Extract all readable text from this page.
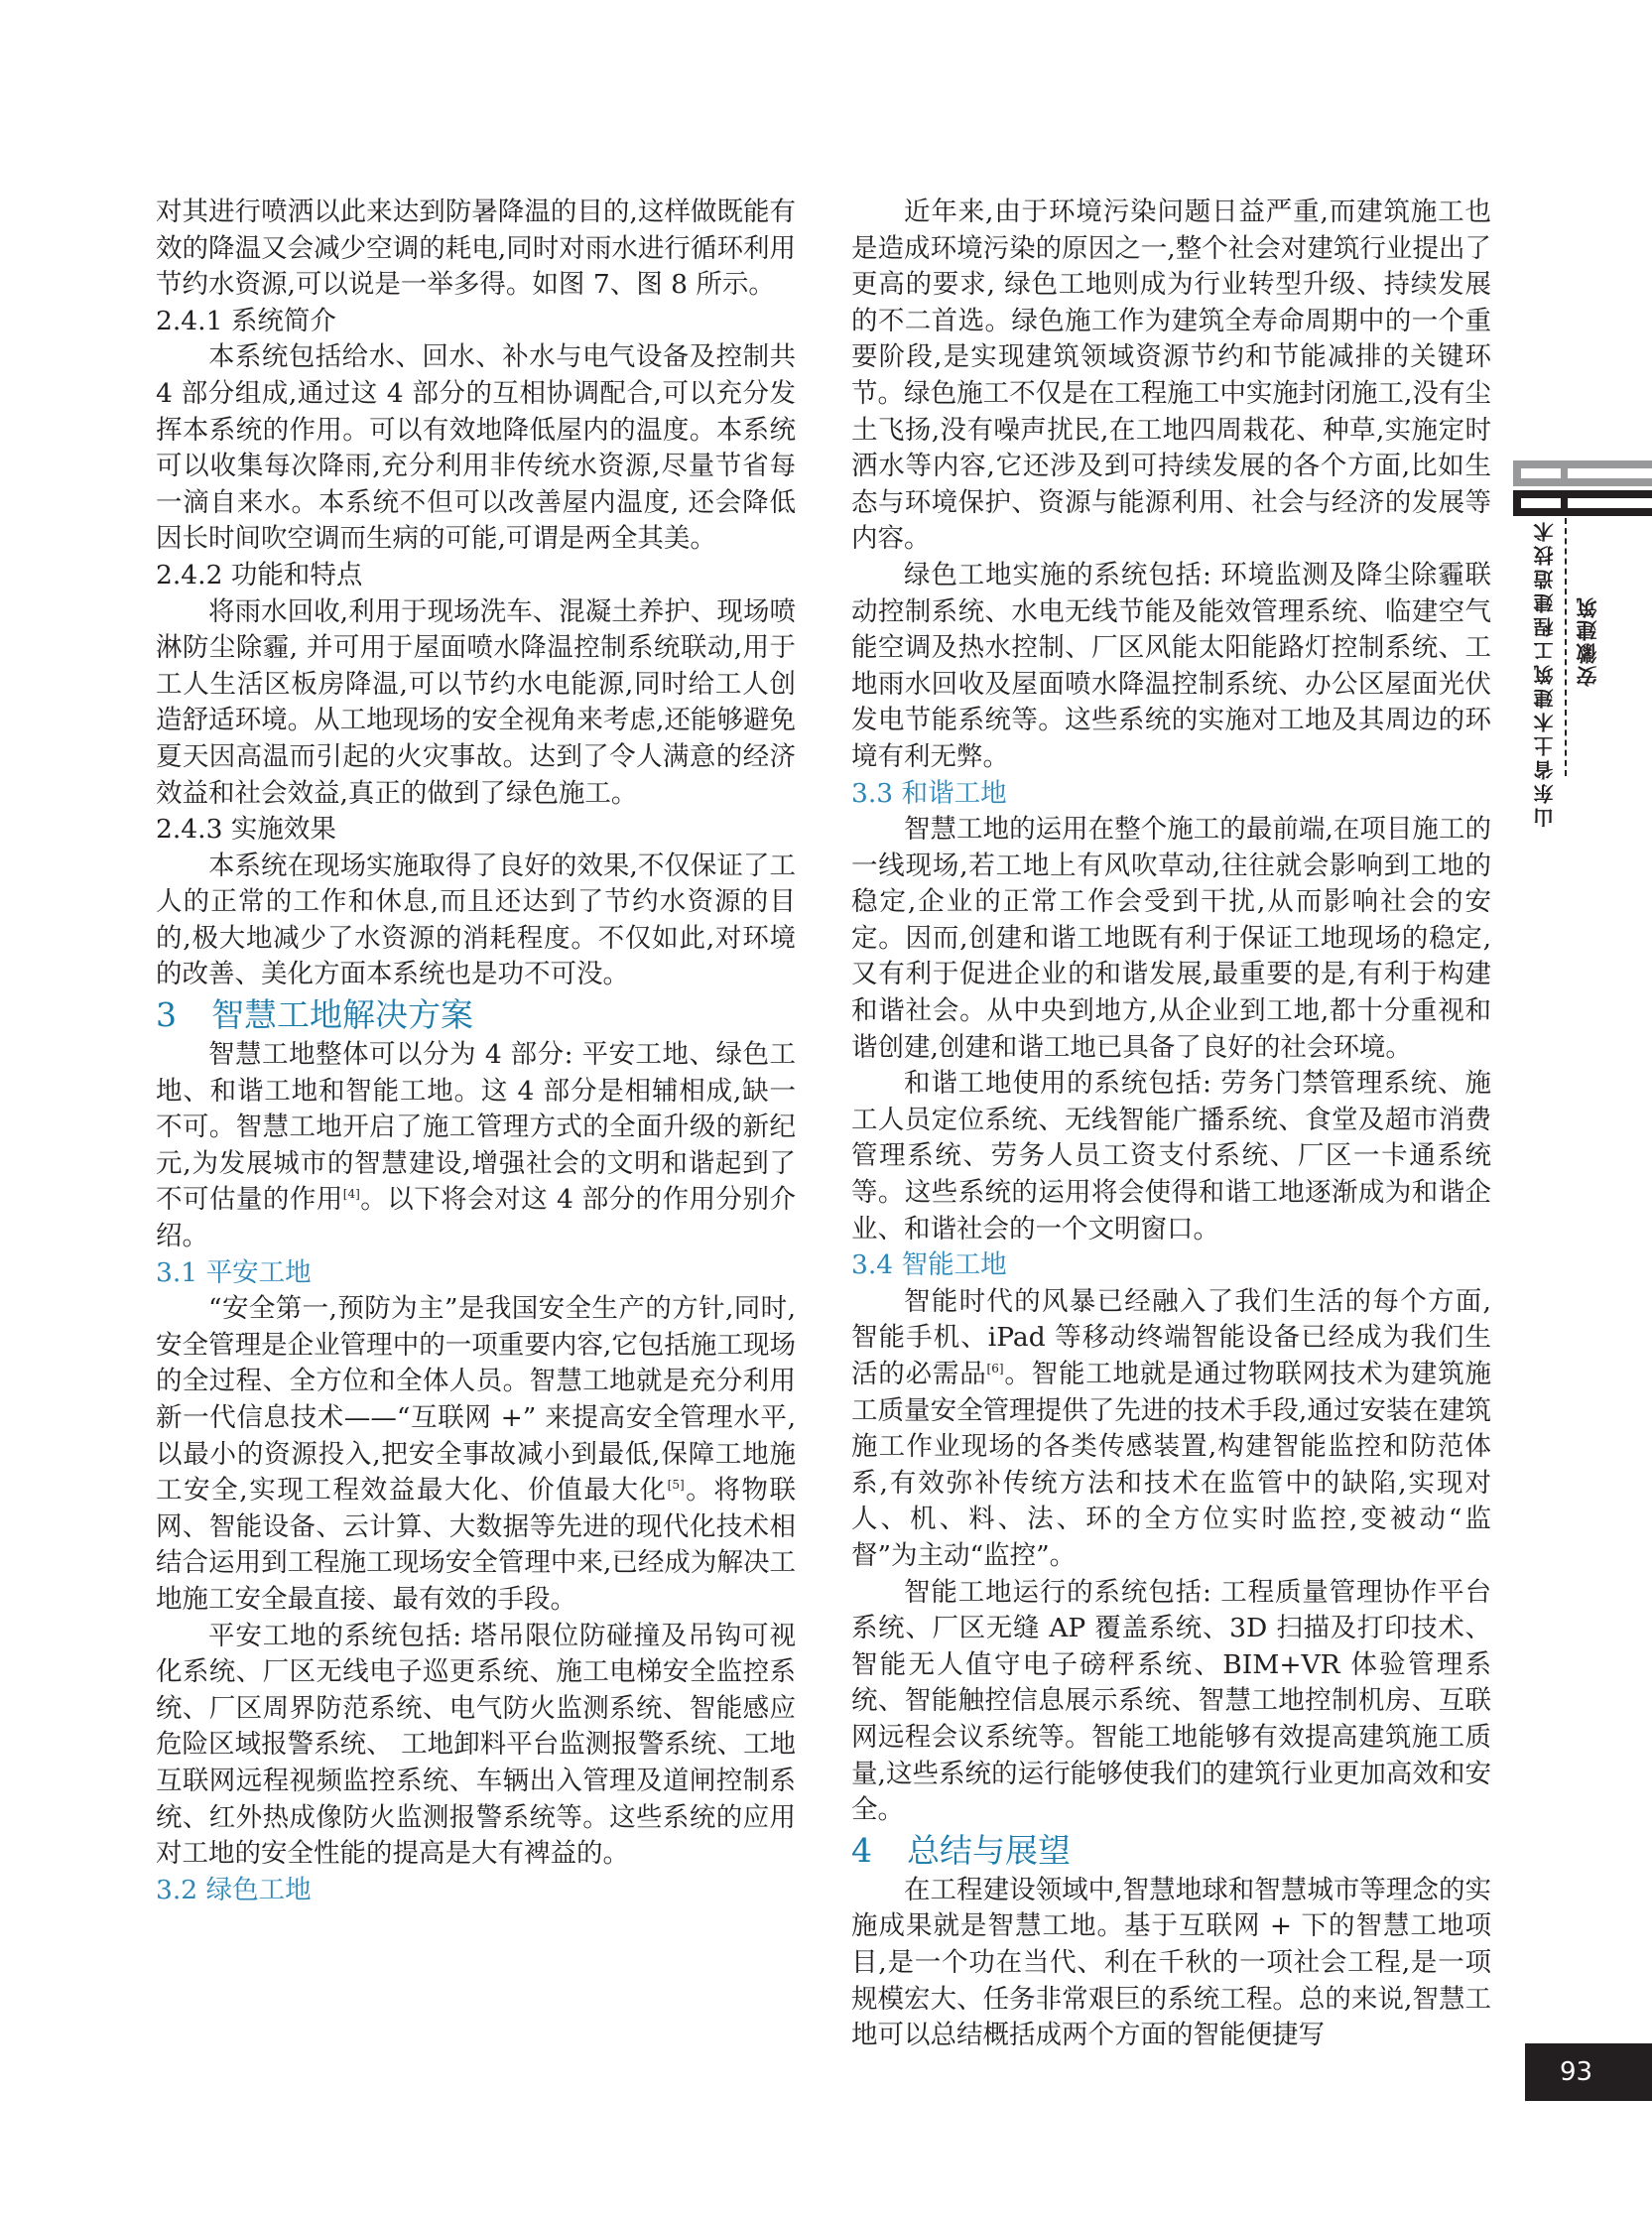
对其进行喷洒以此来达到防暑降温的目的,这样做既能有效的降温又会减少空调的耗电,同时对雨水进行循环利用节约水资源,可以说是一举多得。如图 7、图 8 所示。

2.4.1 系统简介

本系统包括给水、回水、补水与电气设备及控制共 4 部分组成,通过这 4 部分的互相协调配合,可以充分发挥本系统的作用。可以有效地降低屋内的温度。本系统可以收集每次降雨,充分利用非传统水资源,尽量节省每一滴自来水。本系统不但可以改善屋内温度, 还会降低因长时间吹空调而生病的可能,可谓是两全其美。

2.4.2 功能和特点

将雨水回收,利用于现场洗车、混凝土养护、现场喷淋防尘除霾, 并可用于屋面喷水降温控制系统联动,用于工人生活区板房降温,可以节约水电能源,同时给工人创造舒适环境。从工地现场的安全视角来考虑,还能够避免夏天因高温而引起的火灾事故。达到了令人满意的经济效益和社会效益,真正的做到了绿色施工。

2.4.3 实施效果

本系统在现场实施取得了良好的效果,不仅保证了工人的正常的工作和休息,而且还达到了节约水资源的目的,极大地减少了水资源的消耗程度。不仅如此,对环境的改善、美化方面本系统也是功不可没。

3 智慧工地解决方案

智慧工地整体可以分为 4 部分: 平安工地、绿色工地、和谐工地和智能工地。这 4 部分是相辅相成,缺一不可。智慧工地开启了施工管理方式的全面升级的新纪元,为发展城市的智慧建设,增强社会的文明和谐起到了不可估量的作用[4]。以下将会对这 4 部分的作用分别介绍。

3.1 平安工地

“安全第一,预防为主”是我国安全生产的方针,同时,安全管理是企业管理中的一项重要内容,它包括施工现场的全过程、全方位和全体人员。智慧工地就是充分利用新一代信息技术——“互联网 +” 来提高安全管理水平,以最小的资源投入,把安全事故减小到最低,保障工地施工安全,实现工程效益最大化、价值最大化[5]。将物联网、智能设备、云计算、大数据等先进的现代化技术相结合运用到工程施工现场安全管理中来,已经成为解决工地施工安全最直接、最有效的手段。

平安工地的系统包括: 塔吊限位防碰撞及吊钩可视化系统、厂区无线电子巡更系统、施工电梯安全监控系统、厂区周界防范系统、电气防火监测系统、智能感应危险区域报警系统、 工地卸料平台监测报警系统、工地互联网远程视频监控系统、车辆出入管理及道闸控制系统、红外热成像防火监测报警系统等。这些系统的应用对工地的安全性能的提高是大有裨益的。

3.2 绿色工地

近年来,由于环境污染问题日益严重,而建筑施工也是造成环境污染的原因之一,整个社会对建筑行业提出了更高的要求, 绿色工地则成为行业转型升级、持续发展的不二首选。绿色施工作为建筑全寿命周期中的一个重要阶段,是实现建筑领域资源节约和节能减排的关键环节。绿色施工不仅是在工程施工中实施封闭施工,没有尘土飞扬,没有噪声扰民,在工地四周栽花、种草,实施定时洒水等内容,它还涉及到可持续发展的各个方面,比如生态与环境保护、资源与能源利用、社会与经济的发展等内容。

绿色工地实施的系统包括: 环境监测及降尘除霾联动控制系统、水电无线节能及能效管理系统、临建空气能空调及热水控制、厂区风能太阳能路灯控制系统、工地雨水回收及屋面喷水降温控制系统、办公区屋面光伏发电节能系统等。这些系统的实施对工地及其周边的环境有利无弊。

3.3 和谐工地

智慧工地的运用在整个施工的最前端,在项目施工的一线现场,若工地上有风吹草动,往往就会影响到工地的稳定,企业的正常工作会受到干扰,从而影响社会的安定。因而,创建和谐工地既有利于保证工地现场的稳定,又有利于促进企业的和谐发展,最重要的是,有利于构建和谐社会。从中央到地方,从企业到工地,都十分重视和谐创建,创建和谐工地已具备了良好的社会环境。

和谐工地使用的系统包括: 劳务门禁管理系统、施工人员定位系统、无线智能广播系统、食堂及超市消费管理系统、劳务人员工资支付系统、厂区一卡通系统等。这些系统的运用将会使得和谐工地逐渐成为和谐企业、和谐社会的一个文明窗口。

3.4 智能工地

智能时代的风暴已经融入了我们生活的每个方面, 智能手机、iPad 等移动终端智能设备已经成为我们生活的必需品[6]。智能工地就是通过物联网技术为建筑施工质量安全管理提供了先进的技术手段,通过安装在建筑施工作业现场的各类传感装置,构建智能监控和防范体系,有效弥补传统方法和技术在监管中的缺陷,实现对人、机、料、法、环的全方位实时监控,变被动“监督”为主动“监控”。

智能工地运行的系统包括: 工程质量管理协作平台系统、厂区无缝 AP 覆盖系统、3D 扫描及打印技术、智能无人值守电子磅秤系统、BIM+VR 体验管理系统、智能触控信息展示系统、智慧工地控制机房、互联网远程会议系统等。智能工地能够有效提高建筑施工质量,这些系统的运行能够使我们的建筑行业更加高效和安全。

4 总结与展望

在工程建设领域中,智慧地球和智慧城市等理念的实施成果就是智慧工地。基于互联网 + 下的智慧工地项目,是一个功在当代、利在千秋的一项社会工程,是一项规模宏大、任务非常艰巨的系统工程。总的来说,智慧工地可以总结概括成两个方面的智能便捷写

山东省土木建筑工程建造技术 安徽建筑
93
